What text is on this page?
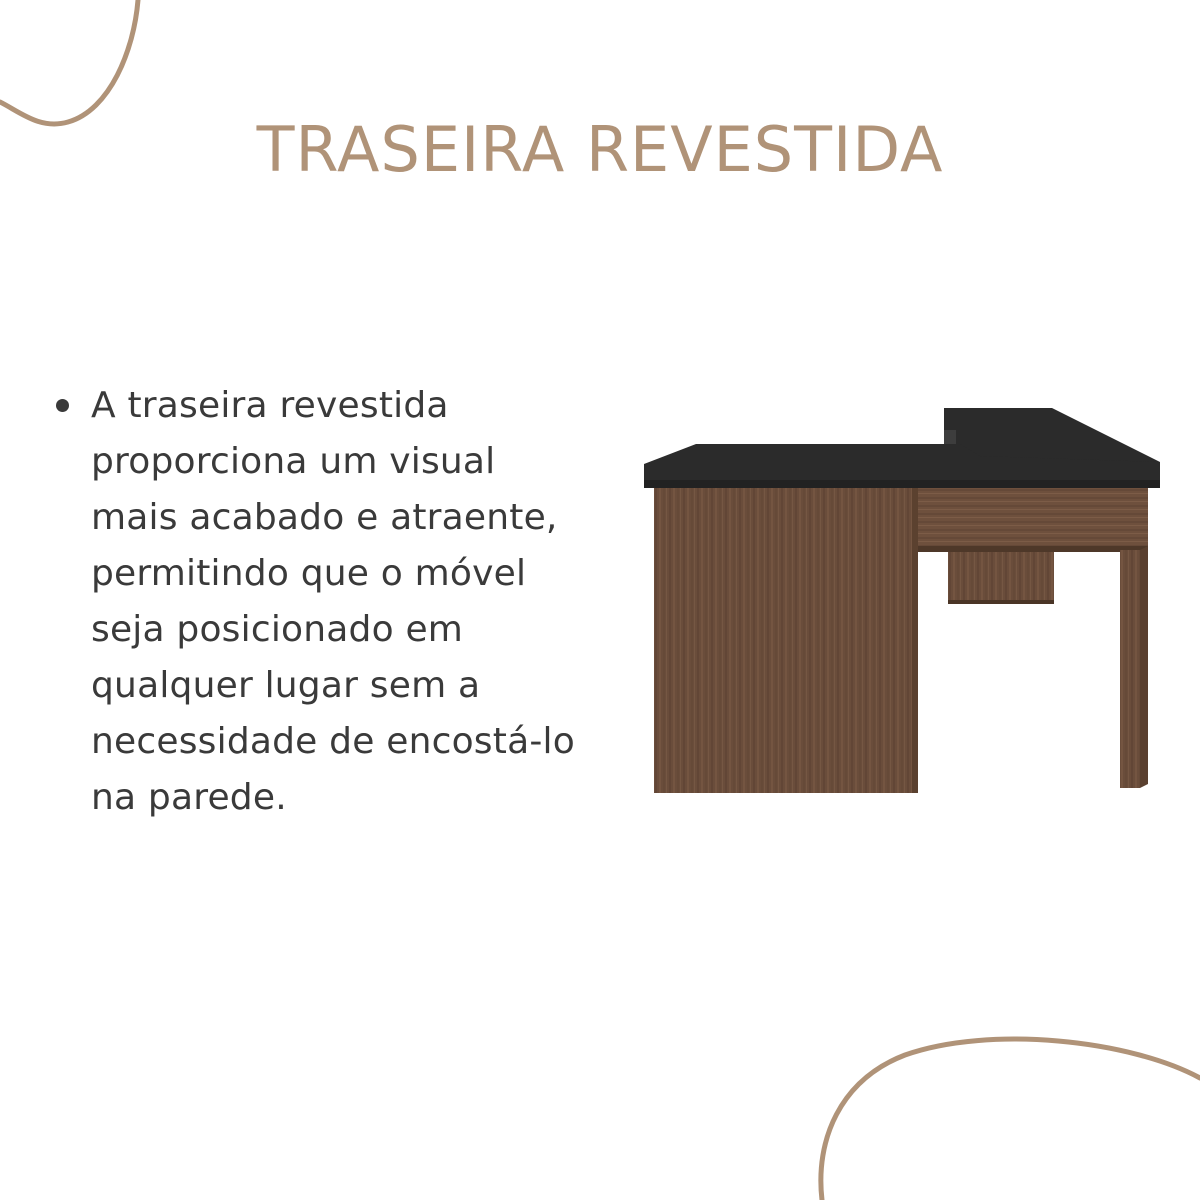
TRASEIRA REVESTIDA
A traseira revestida
proporciona um visual
mais acabado e atraente,
permitindo que o móvel
seja posicionado em
qualquer lugar sem a
necessidade de encostá-lo
na parede.
